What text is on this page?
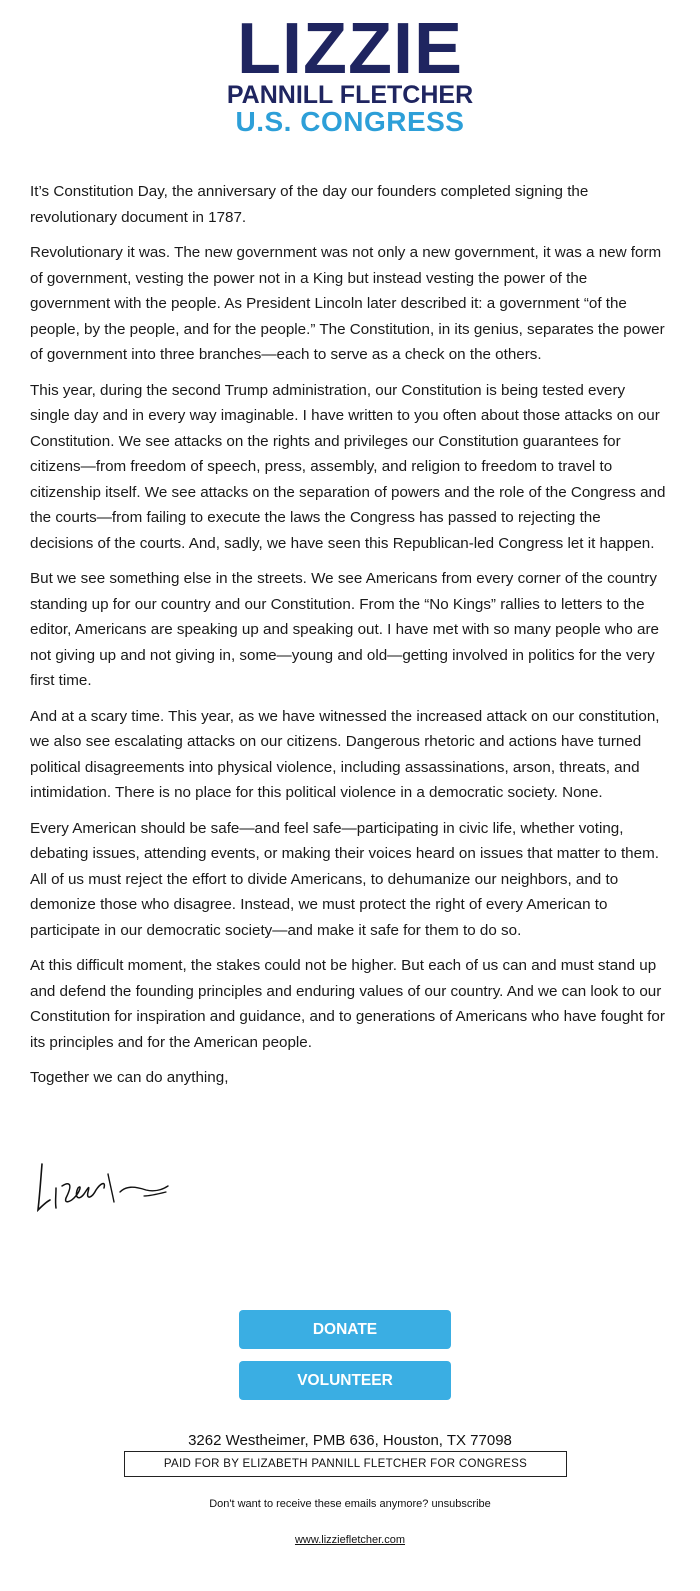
LIZZIE
PANNILL FLETCHER
U.S. CONGRESS

It’s Constitution Day, the anniversary of the day our founders completed signing the revolutionary document in 1787.

Revolutionary it was. The new government was not only a new government, it was a new form of government, vesting the power not in a King but instead vesting the power of the government with the people. As President Lincoln later described it: a government “of the people, by the people, and for the people.” The Constitution, in its genius, separates the power of government into three branches—each to serve as a check on the others.

This year, during the second Trump administration, our Constitution is being tested every single day and in every way imaginable. I have written to you often about those attacks on our Constitution. We see attacks on the rights and privileges our Constitution guarantees for citizens—from freedom of speech, press, assembly, and religion to freedom to travel to citizenship itself. We see attacks on the separation of powers and the role of the Congress and the courts—from failing to execute the laws the Congress has passed to rejecting the decisions of the courts. And, sadly, we have seen this Republican-led Congress let it happen.

But we see something else in the streets. We see Americans from every corner of the country standing up for our country and our Constitution. From the “No Kings” rallies to letters to the editor, Americans are speaking up and speaking out. I have met with so many people who are not giving up and not giving in, some—young and old—getting involved in politics for the very first time.

And at a scary time. This year, as we have witnessed the increased attack on our constitution, we also see escalating attacks on our citizens. Dangerous rhetoric and actions have turned political disagreements into physical violence, including assassinations, arson, threats, and intimidation. There is no place for this political violence in a democratic society. None.

Every American should be safe—and feel safe—participating in civic life, whether voting, debating issues, attending events, or making their voices heard on issues that matter to them. All of us must reject the effort to divide Americans, to dehumanize our neighbors, and to demonize those who disagree. Instead, we must protect the right of every American to participate in our democratic society—and make it safe for them to do so.

At this difficult moment, the stakes could not be higher. But each of us can and must stand up and defend the founding principles and enduring values of our country. And we can look to our Constitution for inspiration and guidance, and to generations of Americans who have fought for its principles and for the American people.

Together we can do anything,

DONATE
VOLUNTEER
3262 Westheimer, PMB 636, Houston, TX 77098
PAID FOR BY ELIZABETH PANNILL FLETCHER FOR CONGRESS
Don't want to receive these emails anymore? unsubscribe
www.lizziefletcher.com
